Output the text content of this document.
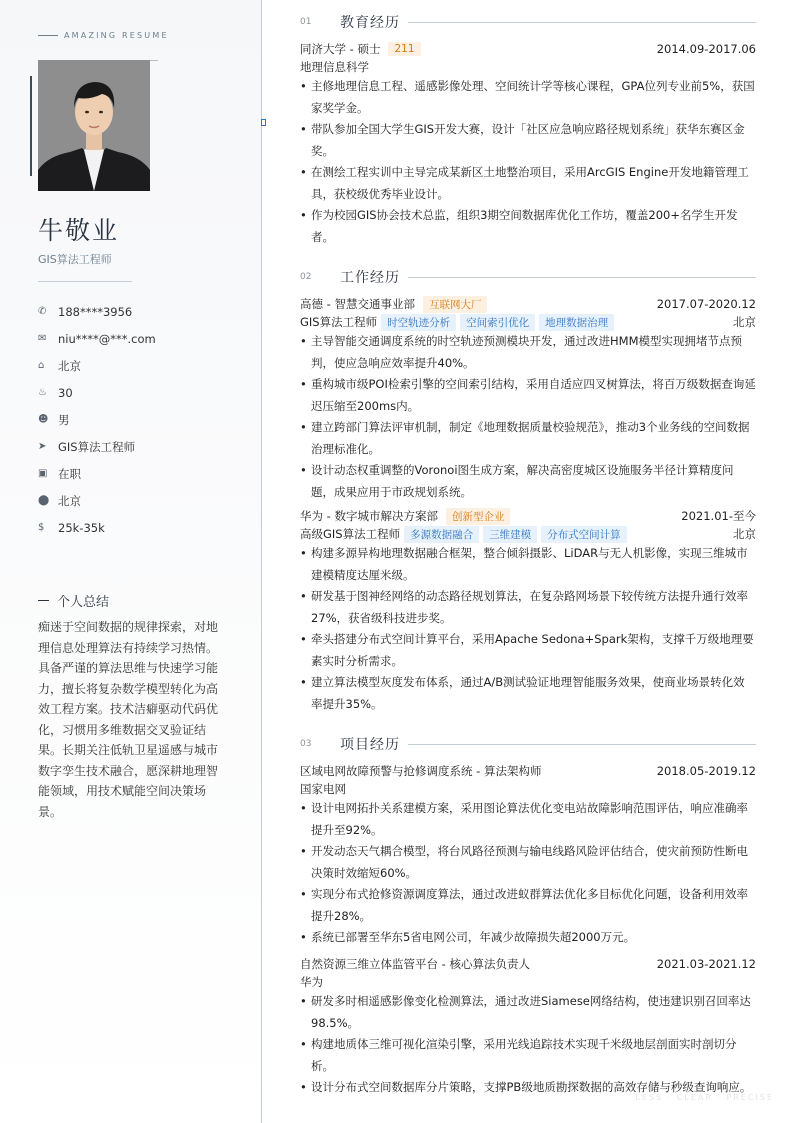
AMAZING RESUME
牛敬业
GIS算法工程师
✆	188****3956
✉	niu****@***.com
⌂	北京
♨ 30
☻ 男
➤	GIS算法工程师
▣ 在职
⬤ 北京
$	25k-35k
个人总结
痴迷于空间数据的规律探索，对地理信息处理算法有持续学习热情。具备严谨的算法思维与快速学习能力，擅长将复杂数学模型转化为高效工程方案。技术洁癖驱动代码优化，习惯用多维数据交叉验证结果。长期关注低轨卫星遥感与城市数字孪生技术融合，愿深耕地理智能领域，用技术赋能空间决策场景。
01	教育经历
同济大学 - 硕士	211	2014.09-2017.06
地理信息科学
• 主修地理信息工程、遥感影像处理、空间统计学等核心课程，GPA位列专业前5%，获国家奖学金。
• 带队参加全国大学生GIS开发大赛，设计「社区应急响应路径规划系统」获华东赛区金奖。
• 在测绘工程实训中主导完成某新区土地整治项目，采用ArcGIS Engine开发地籍管理工具，获校级优秀毕业设计。
• 作为校园GIS协会技术总监，组织3期空间数据库优化工作坊，覆盖200+名学生开发者。
02	工作经历
高德 - 智慧交通事业部	互联网大厂	2017.07-2020.12
GIS算法工程师 时空轨迹分析	空间索引优化	地理数据治理	北京
• 主导智能交通调度系统的时空轨迹预测模块开发，通过改进HMM模型实现拥堵节点预判，使应急响应效率提升40%。
• 重构城市级POI检索引擎的空间索引结构，采用自适应四叉树算法，将百万级数据查询延迟压缩至200ms内。
• 建立跨部门算法评审机制，制定《地理数据质量校验规范》，推动3个业务线的空间数据治理标准化。
• 设计动态权重调整的Voronoi图生成方案，解决高密度城区设施服务半径计算精度问题，成果应用于市政规划系统。
华为 - 数字城市解决方案部	创新型企业	2021.01-至今
高级GIS算法工程师 多源数据融合	三维建模	分布式空间计算	北京
• 构建多源异构地理数据融合框架，整合倾斜摄影、LiDAR与无人机影像，实现三维城市建模精度达厘米级。
• 研发基于图神经网络的动态路径规划算法，在复杂路网场景下较传统方法提升通行效率27%，获省级科技进步奖。
• 牵头搭建分布式空间计算平台，采用Apache Sedona+Spark架构，支撑千万级地理要素实时分析需求。
• 建立算法模型灰度发布体系，通过A/B测试验证地理智能服务效果，使商业场景转化效率提升35%。
03	项目经历
区域电网故障预警与抢修调度系统 - 算法架构师	2018.05-2019.12
国家电网
• 设计电网拓扑关系建模方案，采用图论算法优化变电站故障影响范围评估，响应准确率提升至92%。
• 开发动态天气耦合模型，将台风路径预测与输电线路风险评估结合，使灾前预防性断电决策时效缩短60%。
• 实现分布式抢修资源调度算法，通过改进蚁群算法优化多目标优化问题，设备利用效率提升28%。
• 系统已部署至华东5省电网公司，年减少故障损失超2000万元。
自然资源三维立体监管平台 - 核心算法负责人	2021.03-2021.12
华为
• 研发多时相遥感影像变化检测算法，通过改进Siamese网络结构，使违建识别召回率达98.5%。
• 构建地质体三维可视化渲染引擎，采用光线追踪技术实现千米级地层剖面实时剖切分析。
• 设计分布式空间数据库分片策略，支撑PB级地质勘探数据的高效存储与秒级查询响应。
LESS · CLEAR · PRECISE
